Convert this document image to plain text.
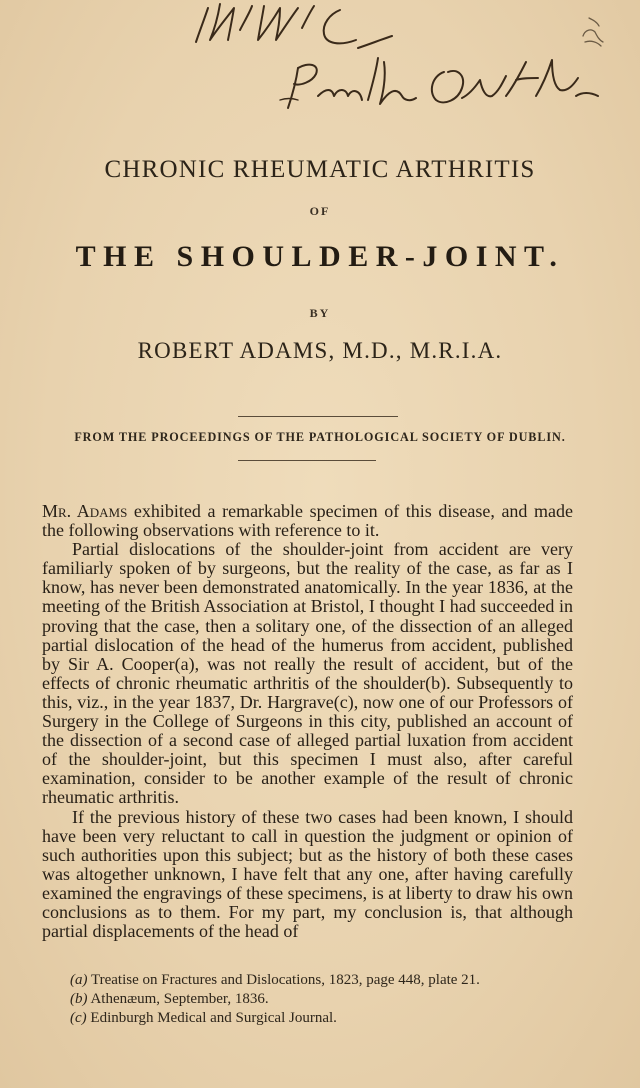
CHRONIC RHEUMATIC ARTHRITIS
OF
THE SHOULDER-JOINT.
BY
ROBERT ADAMS, M.D., M.R.I.A.
FROM THE PROCEEDINGS OF THE PATHOLOGICAL SOCIETY OF DUBLIN.

Mr. Adams exhibited a remarkable specimen of this disease, and made the following observations with reference to it.

Partial dislocations of the shoulder-joint from accident are very familiarly spoken of by surgeons, but the reality of the case, as far as I know, has never been demonstrated anatomically. In the year 1836, at the meeting of the British Association at Bristol, I thought I had succeeded in proving that the case, then a solitary one, of the dissection of an alleged partial dislocation of the head of the humerus from accident, published by Sir A. Cooper(a), was not really the result of accident, but of the effects of chronic rheumatic arthritis of the shoulder(b). Subsequently to this, viz., in the year 1837, Dr. Hargrave(c), now one of our Professors of Surgery in the College of Surgeons in this city, published an account of the dissection of a second case of alleged partial luxation from accident of the shoulder-joint, but this specimen I must also, after careful examination, consider to be another example of the result of chronic rheumatic arthritis.

If the previous history of these two cases had been known, I should have been very reluctant to call in question the judgment or opinion of such authorities upon this subject; but as the history of both these cases was altogether unknown, I have felt that any one, after having carefully examined the engravings of these specimens, is at liberty to draw his own conclusions as to them. For my part, my conclusion is, that although partial displacements of the head of

(a) Treatise on Fractures and Dislocations, 1823, page 448, plate 21.
(b) Athenæum, September, 1836.
(c) Edinburgh Medical and Surgical Journal.
